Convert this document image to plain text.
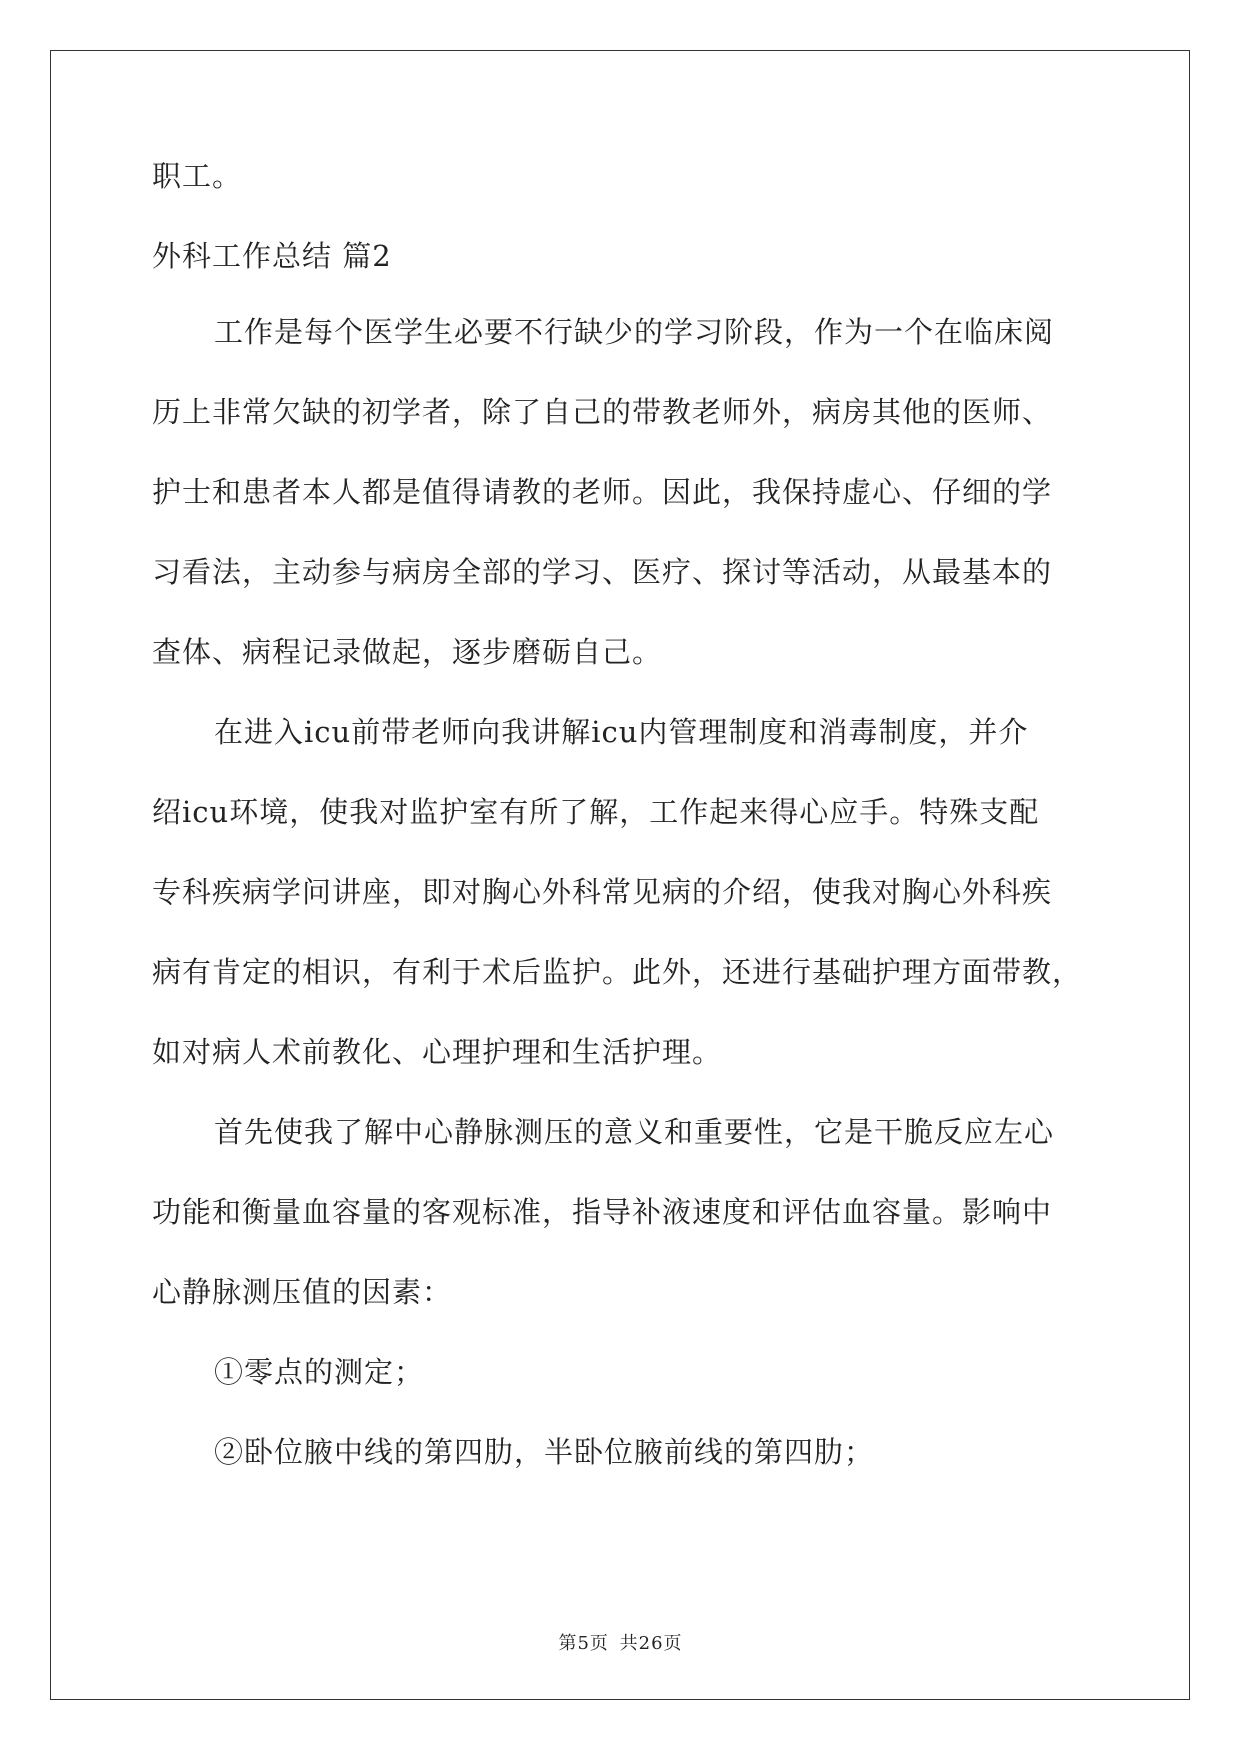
职工。

外科工作总结 篇2

工作是每个医学生必要不行缺少的学习阶段，作为一个在临床阅

历上非常欠缺的初学者，除了自己的带教老师外，病房其他的医师、

护士和患者本人都是值得请教的老师。因此，我保持虚心、仔细的学

习看法，主动参与病房全部的学习、医疗、探讨等活动，从最基本的

查体、病程记录做起，逐步磨砺自己。

在进入icu前带老师向我讲解icu内管理制度和消毒制度，并介

绍icu环境，使我对监护室有所了解，工作起来得心应手。特殊支配

专科疾病学问讲座，即对胸心外科常见病的介绍，使我对胸心外科疾

病有肯定的相识，有利于术后监护。此外，还进行基础护理方面带教，

如对病人术前教化、心理护理和生活护理。

首先使我了解中心静脉测压的意义和重要性，它是干脆反应左心

功能和衡量血容量的客观标准，指导补液速度和评估血容量。影响中

心静脉测压值的因素：

①零点的测定；

②卧位腋中线的第四肋，半卧位腋前线的第四肋；

第5页 共26页
